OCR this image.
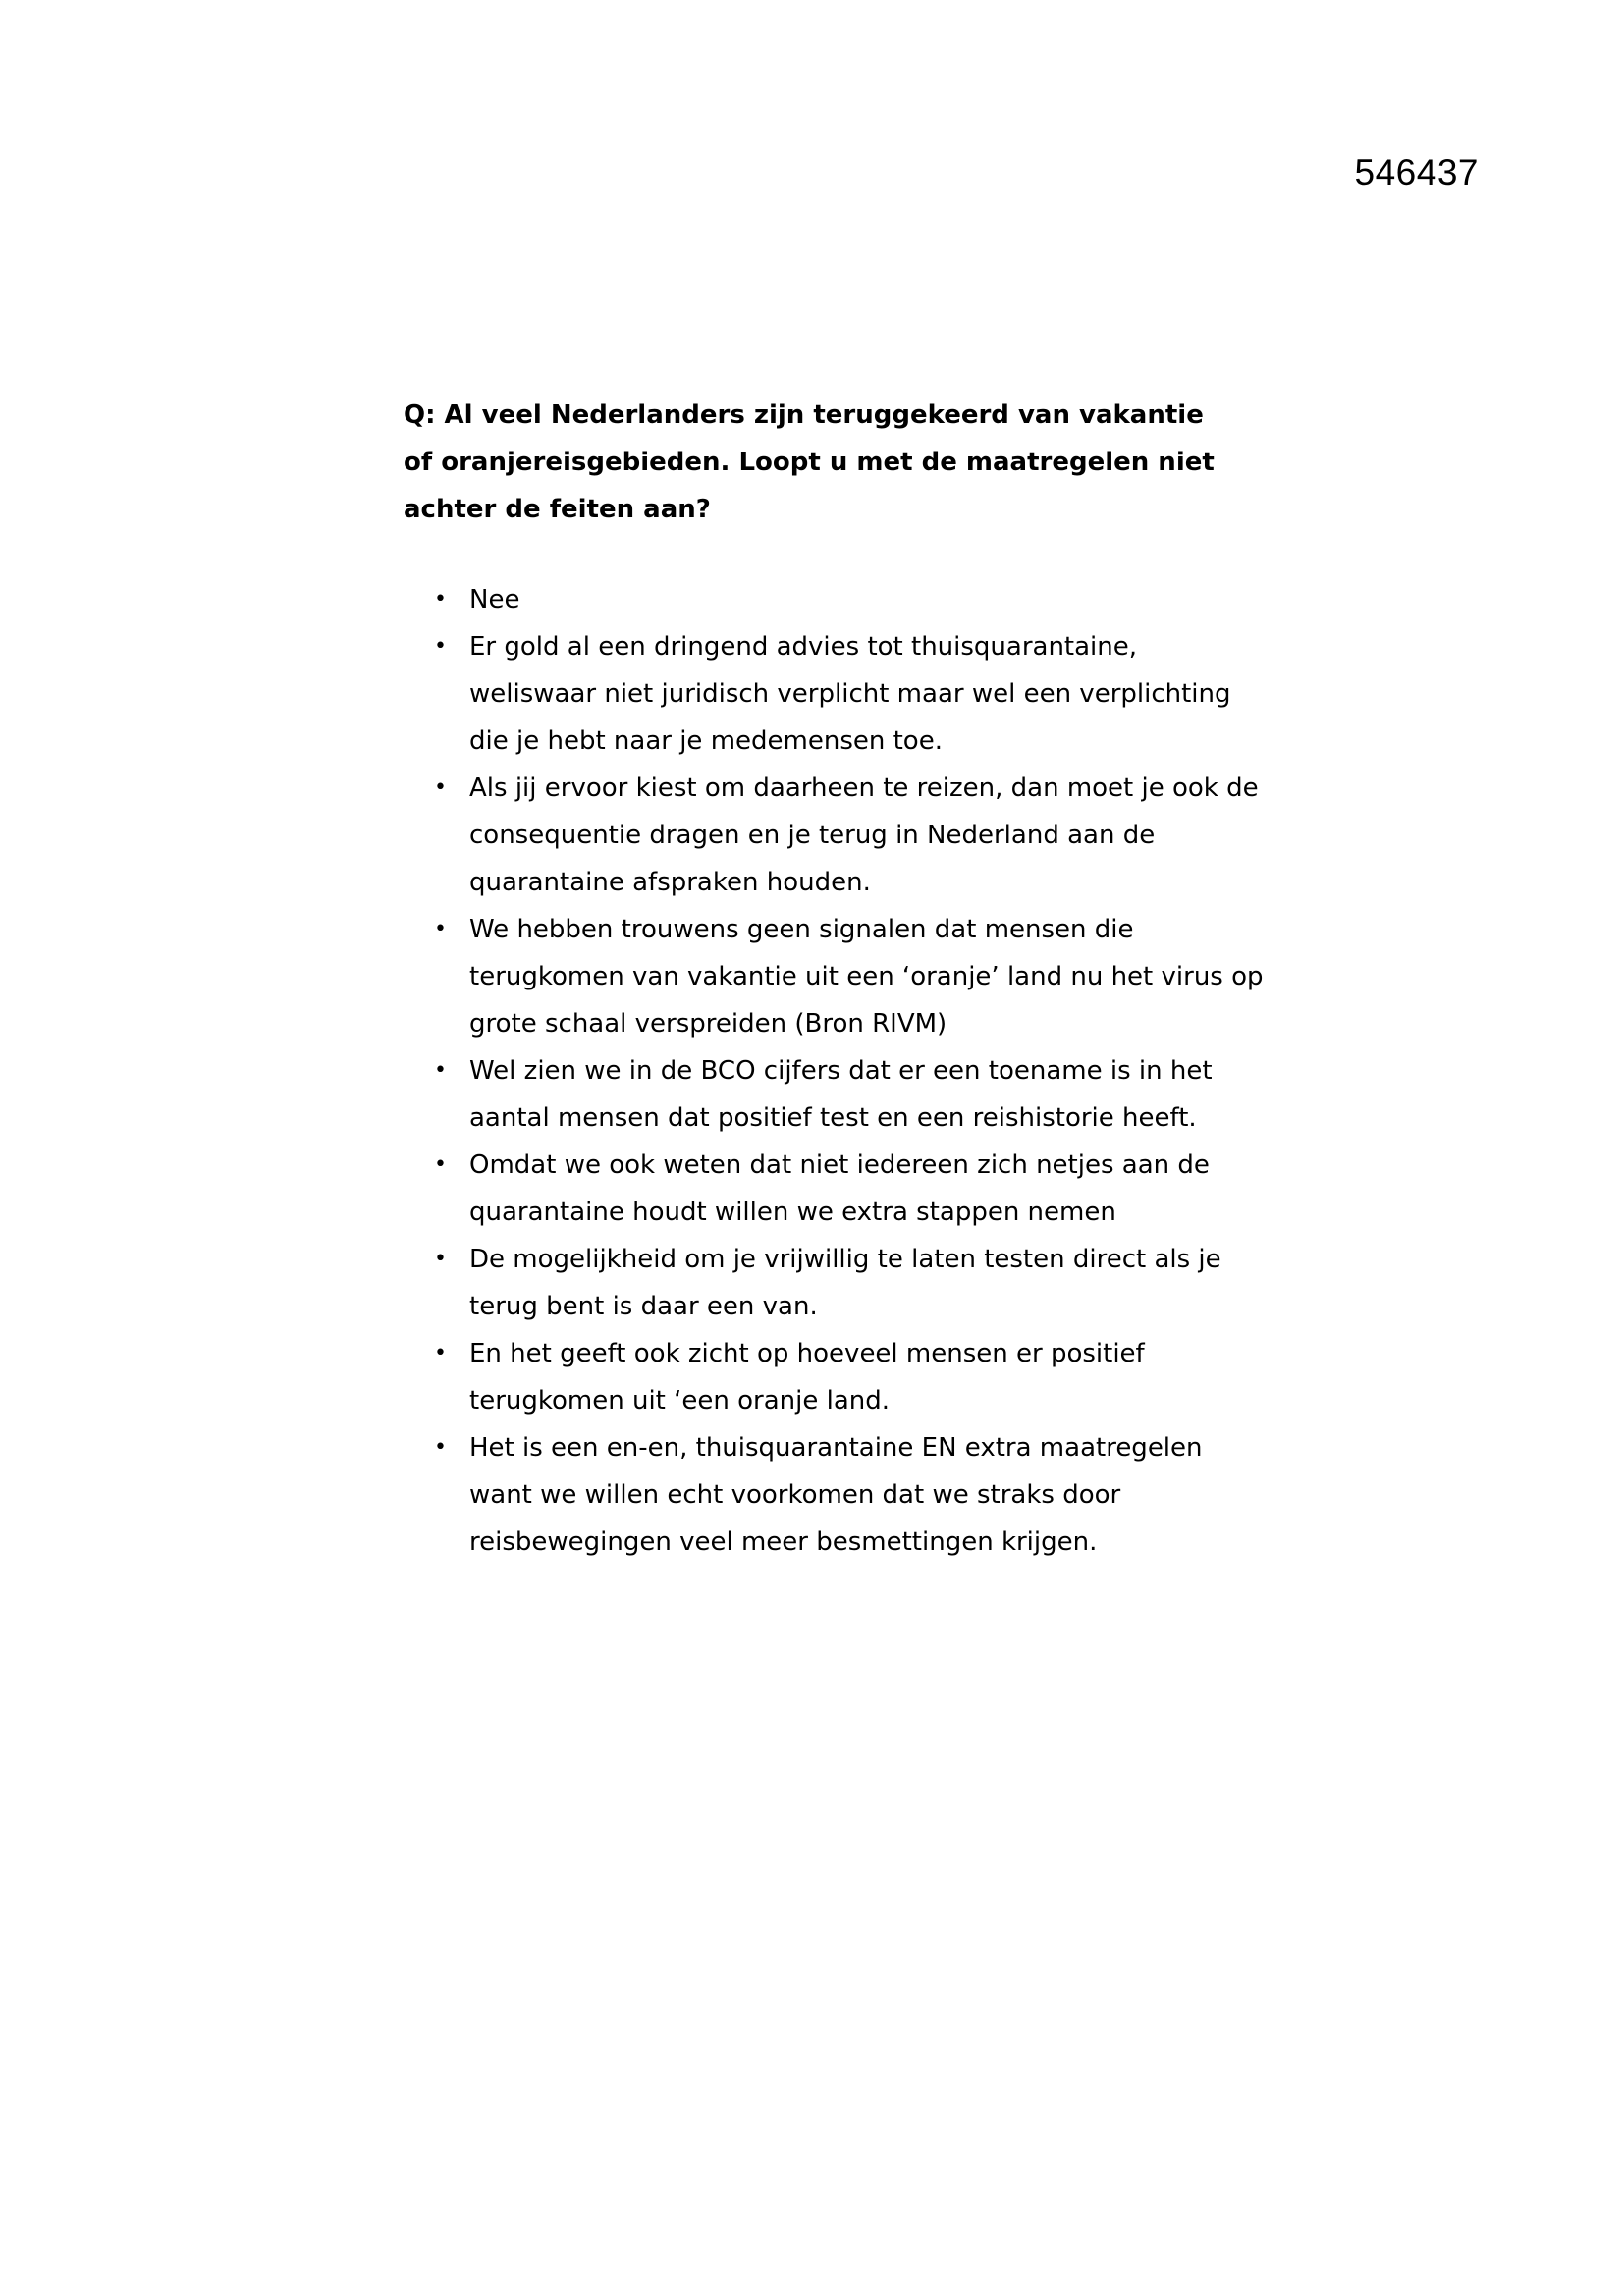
546437

Q: Al veel Nederlanders zijn teruggekeerd van vakantie of oranjereisgebieden. Loopt u met de maatregelen niet achter de feiten aan?

• Nee
• Er gold al een dringend advies tot thuisquarantaine, weliswaar niet juridisch verplicht maar wel een verplichting die je hebt naar je medemensen toe.
• Als jij ervoor kiest om daarheen te reizen, dan moet je ook de consequentie dragen en je terug in Nederland aan de quarantaine afspraken houden.
• We hebben trouwens geen signalen dat mensen die terugkomen van vakantie uit een ‘oranje’ land nu het virus op grote schaal verspreiden (Bron RIVM)
• Wel zien we in de BCO cijfers dat er een toename is in het aantal mensen dat positief test en een reishistorie heeft.
• Omdat we ook weten dat niet iedereen zich netjes aan de quarantaine houdt willen we extra stappen nemen
• De mogelijkheid om je vrijwillig te laten testen direct als je terug bent is daar een van.
• En het geeft ook zicht op hoeveel mensen er positief terugkomen uit ‘een oranje land.
• Het is een en-en, thuisquarantaine EN extra maatregelen want we willen echt voorkomen dat we straks door reisbewegingen veel meer besmettingen krijgen.
